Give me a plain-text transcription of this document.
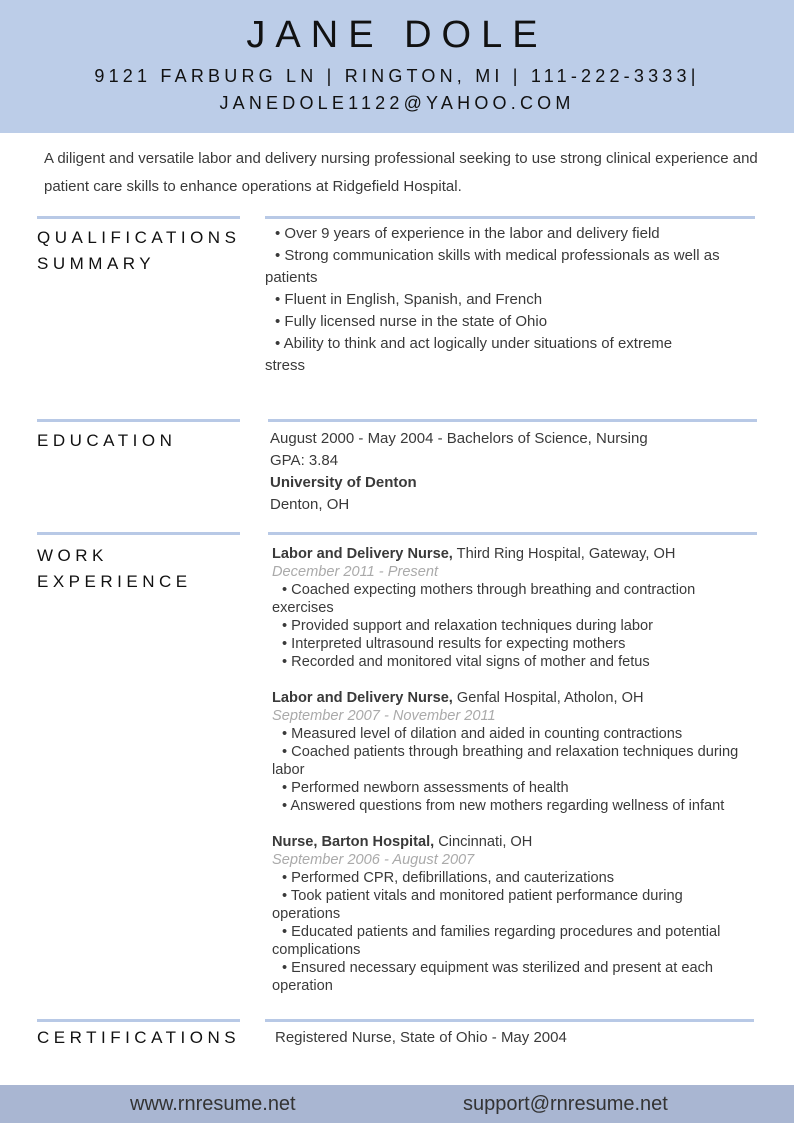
JANE DOLE
9121 FARBURG LN | RINGTON, MI | 111-222-3333|
JANEDOLE1122@YAHOO.COM
A diligent and versatile labor and delivery nursing professional seeking to use strong clinical experience and patient care skills to enhance operations at Ridgefield Hospital.
QUALIFICATIONS
SUMMARY
• Over 9 years of experience in the labor and delivery field
• Strong communication skills with medical professionals as well as patients
• Fluent in English, Spanish, and French
• Fully licensed nurse in the state of Ohio
• Ability to think and act logically under situations of extreme stress
EDUCATION	August 2000 - May 2004 - Bachelors of Science, Nursing
GPA: 3.84
University of Denton
Denton, OH
WORK
EXPERIENCE
Labor and Delivery Nurse, Third Ring Hospital, Gateway, OH
December 2011 - Present
• Coached expecting mothers through breathing and contraction exercises
• Provided support and relaxation techniques during labor
• Interpreted ultrasound results for expecting mothers
• Recorded and monitored vital signs of mother and fetus
Labor and Delivery Nurse, Genfal Hospital, Atholon, OH
September 2007 - November 2011
• Measured level of dilation and aided in counting contractions
• Coached patients through breathing and relaxation techniques during labor
• Performed newborn assessments of health
• Answered questions from new mothers regarding wellness of infant
Nurse, Barton Hospital, Cincinnati, OH
September 2006 - August 2007
• Performed CPR, defibrillations, and cauterizations
• Took patient vitals and monitored patient performance during operations
• Educated patients and families regarding procedures and potential complications
• Ensured necessary equipment was sterilized and present at each operation
CERTIFICATIONS Registered Nurse, State of Ohio - May 2004
www.rnresume.net	support@rnresume.net
